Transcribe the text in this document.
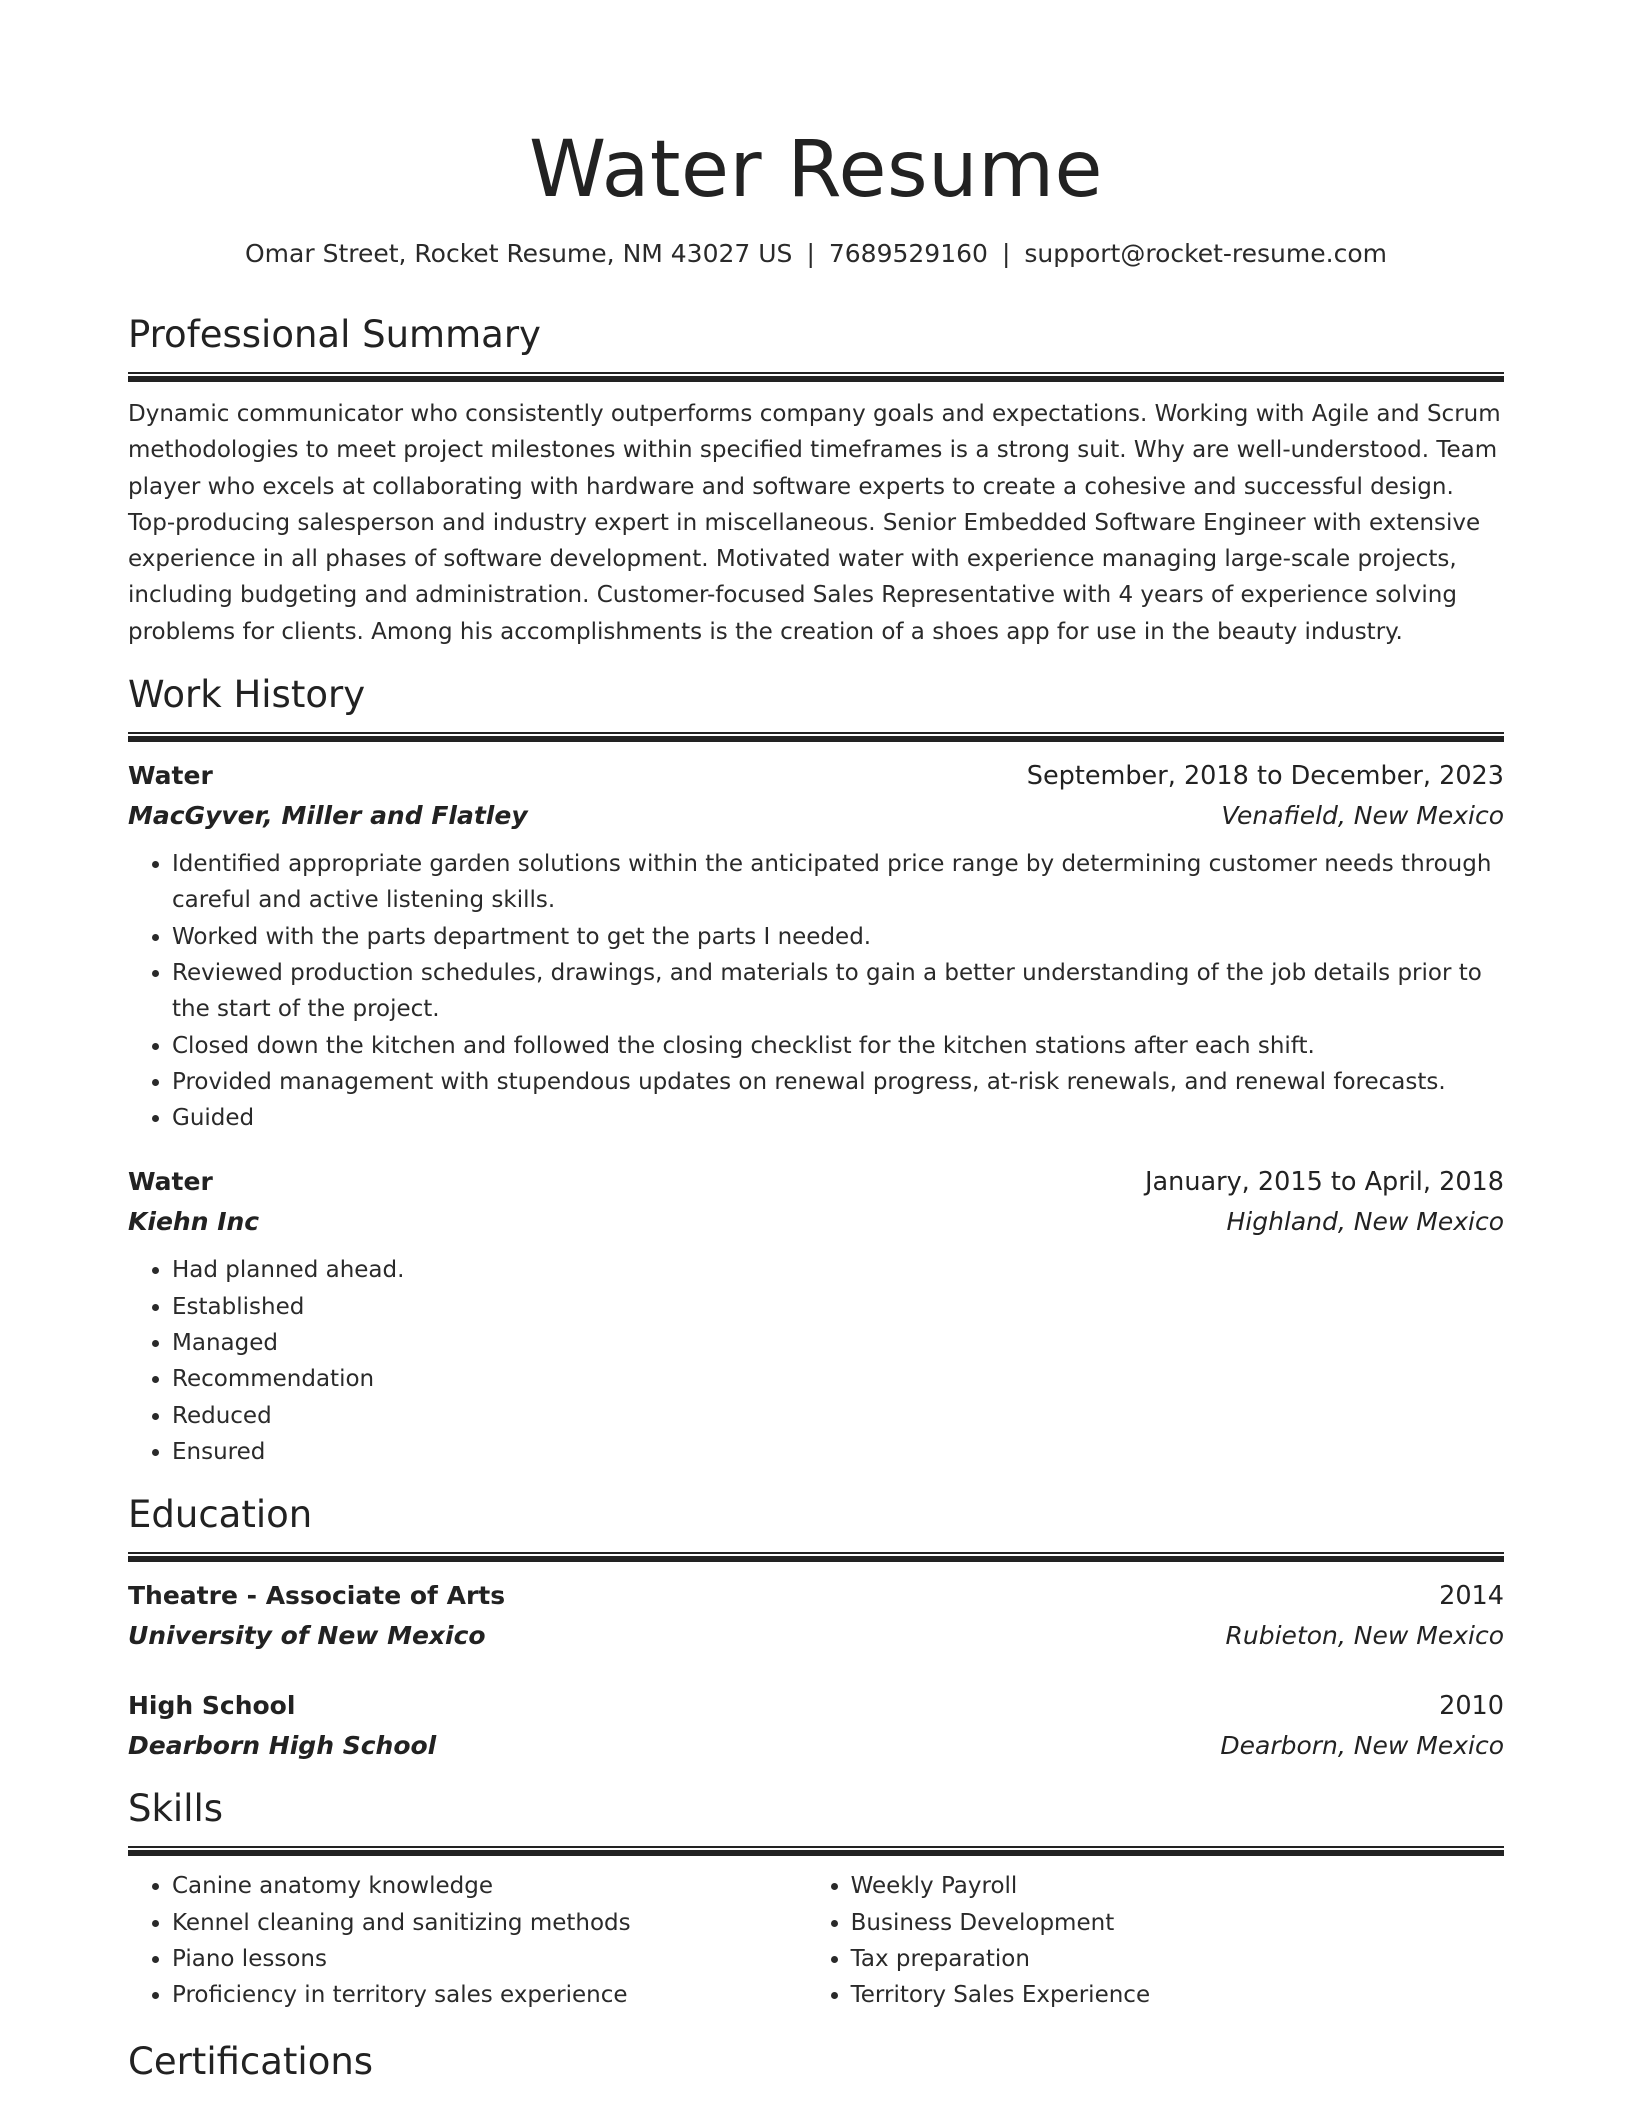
Water Resume
Omar Street, Rocket Resume, NM 43027 US | 7689529160 | support@rocket-resume.com
Professional Summary
Dynamic communicator who consistently outperforms company goals and expectations. Working with Agile and Scrum methodologies to meet project milestones within specified timeframes is a strong suit. Why are well-understood. Team player who excels at collaborating with hardware and software experts to create a cohesive and successful design. Top-producing salesperson and industry expert in miscellaneous. Senior Embedded Software Engineer with extensive experience in all phases of software development. Motivated water with experience managing large-scale projects, including budgeting and administration. Customer-focused Sales Representative with 4 years of experience solving problems for clients. Among his accomplishments is the creation of a shoes app for use in the beauty industry.
Work History
Water	September, 2018 to December, 2023
MacGyver, Miller and Flatley	Venafield, New Mexico
• Identified appropriate garden solutions within the anticipated price range by determining customer needs through careful and active listening skills.
• Worked with the parts department to get the parts I needed.
• Reviewed production schedules, drawings, and materials to gain a better understanding of the job details prior to the start of the project.
• Closed down the kitchen and followed the closing checklist for the kitchen stations after each shift.
• Provided management with stupendous updates on renewal progress, at-risk renewals, and renewal forecasts.
• Guided
Water	January, 2015 to April, 2018
Kiehn Inc	Highland, New Mexico
• Had planned ahead.
• Established
• Managed
• Recommendation
• Reduced
• Ensured
Education
Theatre - Associate of Arts	2014
University of New Mexico	Rubieton, New Mexico
High School	2010
Dearborn High School	Dearborn, New Mexico
Skills
• Canine anatomy knowledge
• Kennel cleaning and sanitizing methods
• Piano lessons
• Proficiency in territory sales experience
• Weekly Payroll
• Business Development
• Tax preparation
• Territory Sales Experience
Certifications
